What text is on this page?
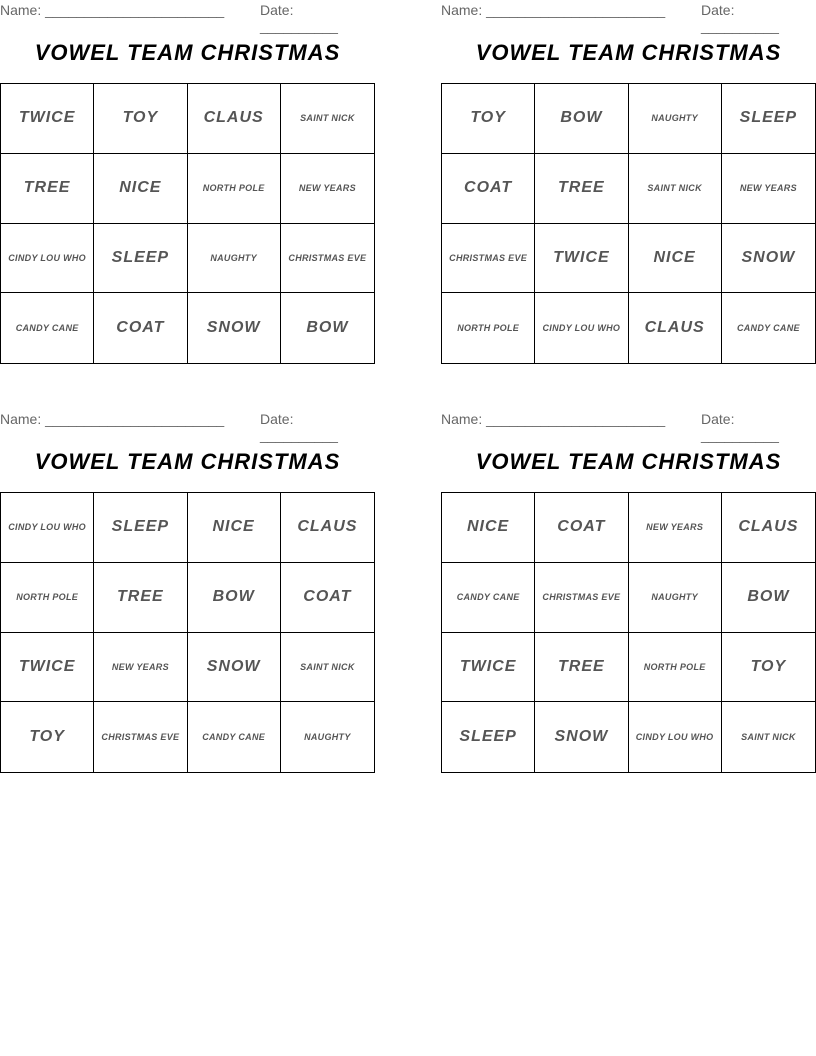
Name: _______________________	Date: __________
VOWEL TEAM CHRISTMAS
TWICE	TOY	CLAUS	SAINT NICK
TREE	NICE	NORTH POLE	NEW YEARS
CINDY LOU WHO	SLEEP	NAUGHTY	CHRISTMAS EVE
CANDY CANE	COAT	SNOW	BOW
Name: _______________________	Date: __________
VOWEL TEAM CHRISTMAS
TOY	BOW	NAUGHTY	SLEEP
COAT	TREE	SAINT NICK	NEW YEARS
CHRISTMAS EVE	TWICE	NICE	SNOW
NORTH POLE	CINDY LOU WHO	CLAUS	CANDY CANE
Name: _______________________	Date: __________
VOWEL TEAM CHRISTMAS
CINDY LOU WHO	SLEEP	NICE	CLAUS
NORTH POLE	TREE	BOW	COAT
TWICE	NEW YEARS	SNOW	SAINT NICK
TOY	CHRISTMAS EVE	CANDY CANE	NAUGHTY
Name: _______________________	Date: __________
VOWEL TEAM CHRISTMAS
NICE	COAT	NEW YEARS	CLAUS
CANDY CANE	CHRISTMAS EVE	NAUGHTY	BOW
TWICE	TREE	NORTH POLE	TOY
SLEEP	SNOW	CINDY LOU WHO	SAINT NICK
